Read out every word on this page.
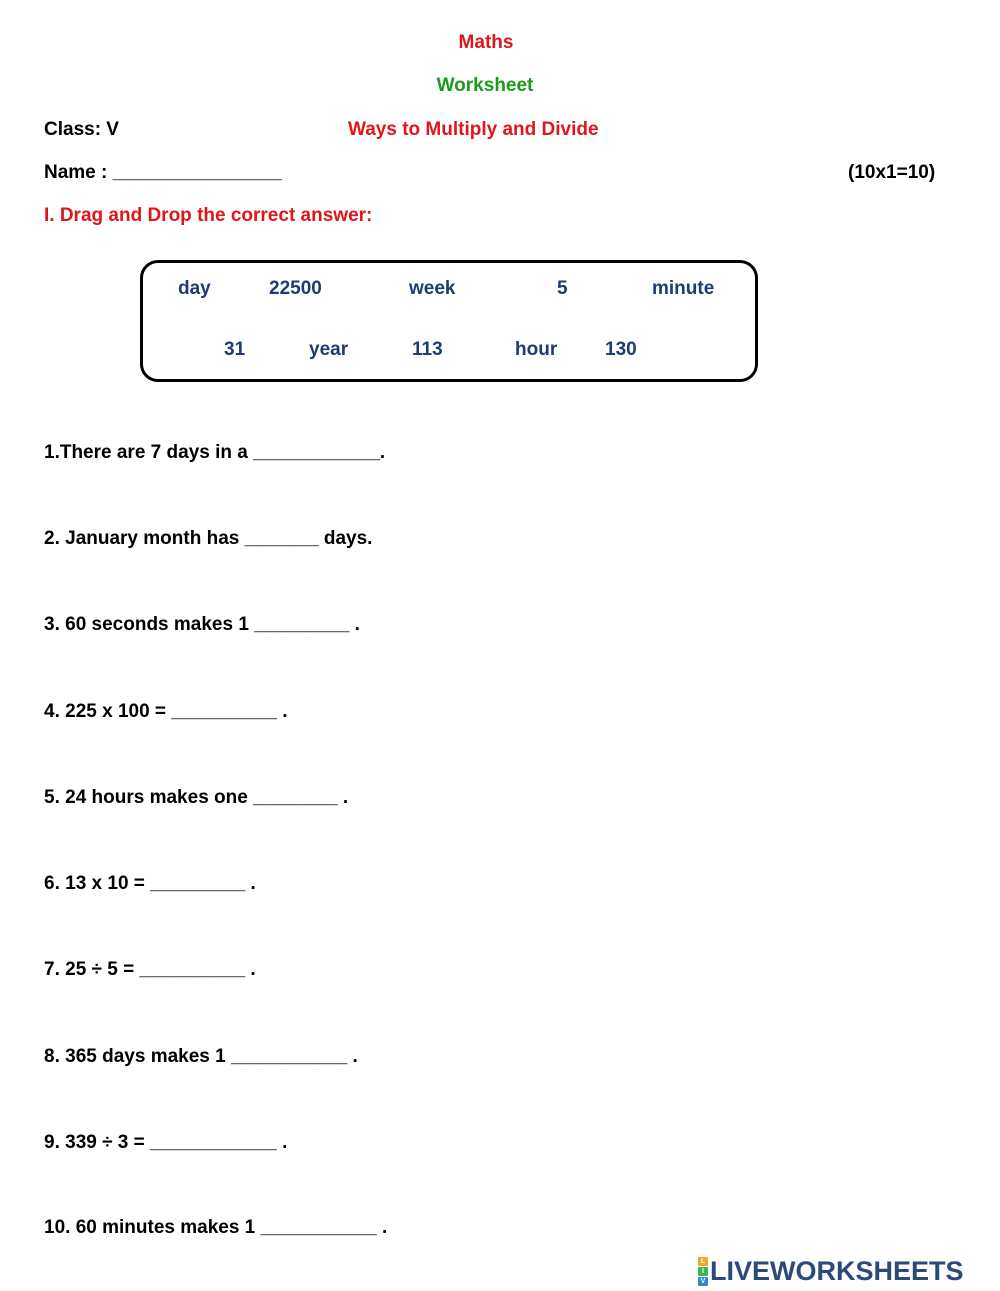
Maths
Worksheet
Class: V	Ways to Multiply and Divide
Name : ________________	(10x1=10)
I. Drag and Drop the correct answer:
day	22500	week	5	minute
31	year	113	hour	130
1.There are 7 days in a ____________.
2. January month has _______ days.
3. 60 seconds makes 1 _________ .
4. 225 x 100 = __________ .
5. 24 hours makes one ________ .
6. 13 x 10 = _________ .
7. 25 ÷ 5 = __________ .
8. 365 days makes 1 ___________ .
9. 339 ÷ 3 = ____________ .
10. 60 minutes makes 1 ___________ .
L
I
V LIVEWORKSHEETS
